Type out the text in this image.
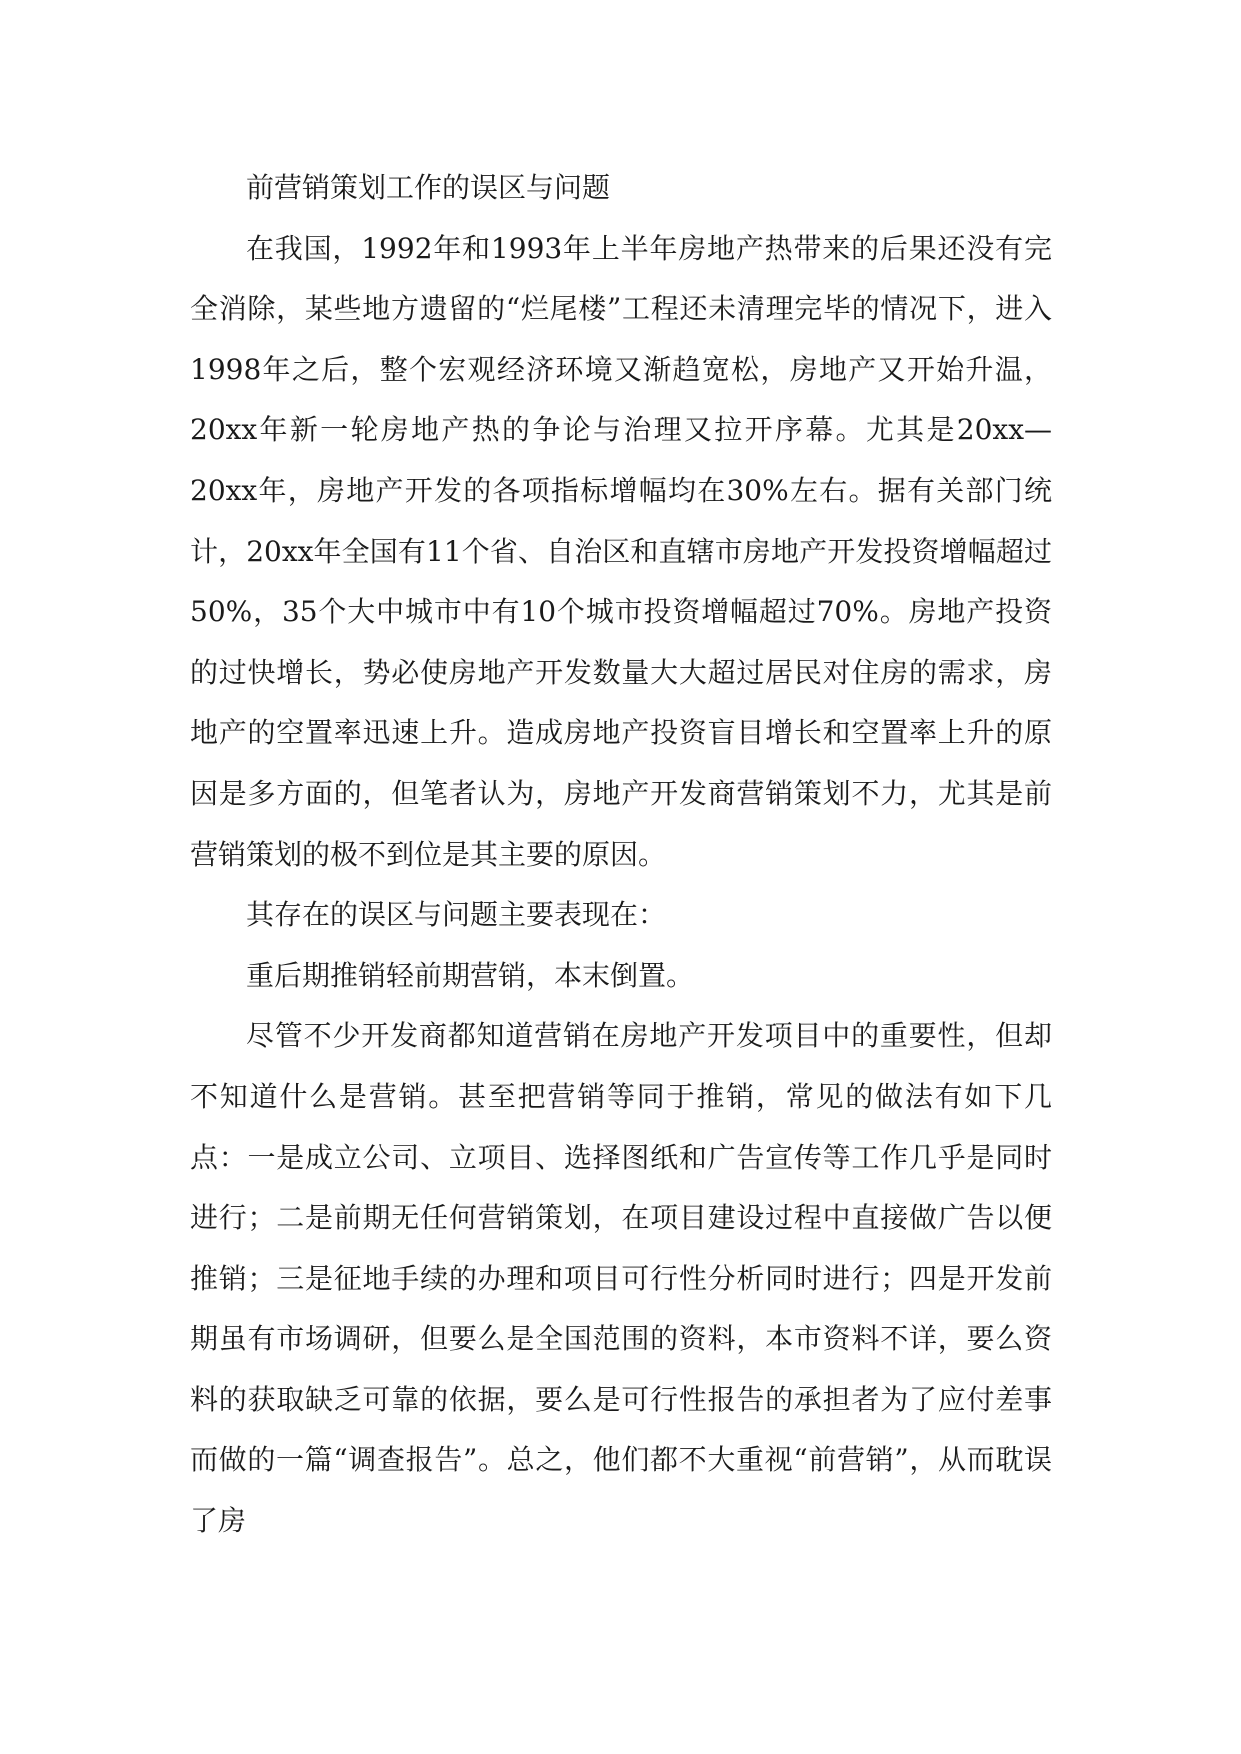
前营销策划工作的误区与问题

在我国，1992年和1993年上半年房地产热带来的后果还没有完全消除，某些地方遗留的“烂尾楼”工程还未清理完毕的情况下，进入1998年之后，整个宏观经济环境又渐趋宽松，房地产又开始升温，20xx年新一轮房地产热的争论与治理又拉开序幕。尤其是20xx—20xx年，房地产开发的各项指标增幅均在30%左右。据有关部门统计，20xx年全国有11个省、自治区和直辖市房地产开发投资增幅超过50%，35个大中城市中有10个城市投资增幅超过70%。房地产投资的过快增长，势必使房地产开发数量大大超过居民对住房的需求，房地产的空置率迅速上升。造成房地产投资盲目增长和空置率上升的原因是多方面的，但笔者认为，房地产开发商营销策划不力，尤其是前营销策划的极不到位是其主要的原因。

其存在的误区与问题主要表现在：

重后期推销轻前期营销，本末倒置。

尽管不少开发商都知道营销在房地产开发项目中的重要性，但却不知道什么是营销。甚至把营销等同于推销，常见的做法有如下几点：一是成立公司、立项目、选择图纸和广告宣传等工作几乎是同时进行；二是前期无任何营销策划，在项目建设过程中直接做广告以便推销；三是征地手续的办理和项目可行性分析同时进行；四是开发前期虽有市场调研，但要么是全国范围的资料，本市资料不详，要么资料的获取缺乏可靠的依据，要么是可行性报告的承担者为了应付差事而做的一篇“调查报告”。总之，他们都不大重视“前营销”，从而耽误了房
